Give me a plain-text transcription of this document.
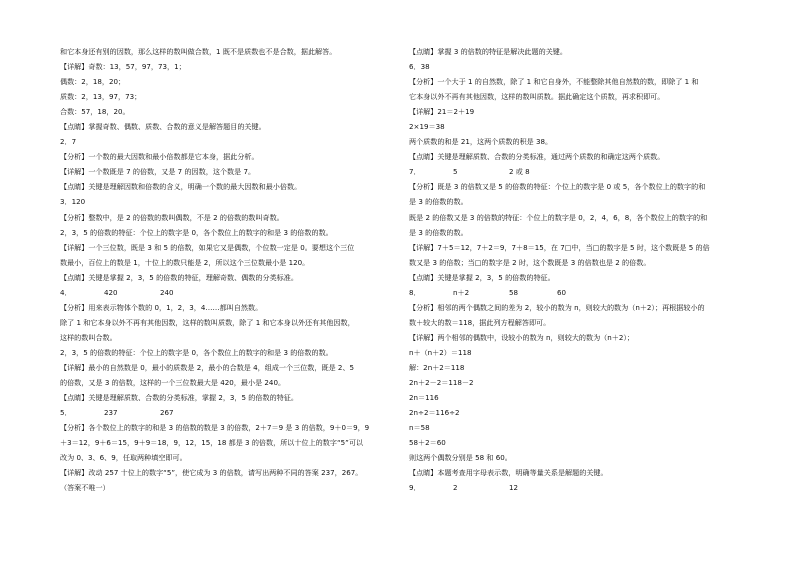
和它本身还有别的因数，那么这样的数叫做合数，1 既不是质数也不是合数，据此解答。
【详解】奇数：13，57，97，73，1；
偶数：2，18，20；
质数：2，13，97，73；
合数：57，18，20。
【点睛】掌握奇数、偶数、质数、合数的意义是解答题目的关键。
2．7
【分析】一个数的最大因数和最小倍数都是它本身，据此分析。
【详解】一个数既是 7 的倍数，又是 7 的因数，这个数是 7。
【点睛】关键是理解因数和倍数的含义，明确一个数的最大因数和最小倍数。
3．120
【分析】整数中，是 2 的倍数的数叫偶数，不是 2 的倍数的数叫奇数。
2，3，5 的倍数的特征：个位上的数字是 0，各个数位上的数字的和是 3 的倍数的数。
【详解】一个三位数，既是 3 和 5 的倍数，如果它又是偶数，个位数一定是 0。要想这个三位
数最小，百位上的数是 1，十位上的数只能是 2，所以这个三位数最小是 120。
【点睛】关键是掌握 2，3，5 的倍数的特征，理解奇数、偶数的分类标准。
4．	420	240
【分析】用来表示物体个数的 0，1，2，3，4……都叫自然数。
除了 1 和它本身以外不再有其他因数，这样的数叫质数，除了 1 和它本身以外还有其他因数，
这样的数叫合数。
2，3，5 的倍数的特征：个位上的数字是 0，各个数位上的数字的和是 3 的倍数的数。
【详解】最小的自然数是 0，最小的质数是 2，最小的合数是 4，组成一个三位数，既是 2、5
的倍数，又是 3 的倍数，这样的一个三位数最大是 420，最小是 240。
【点睛】关键是理解质数、合数的分类标准，掌握 2，3，5 的倍数的特征。
5．	237	267
【分析】各个数位上的数字的和是 3 的倍数的数是 3 的倍数，2＋7＝9 是 3 的倍数，9＋0＝9，9
＋3＝12，9＋6＝15，9＋9＝18，9，12，15，18 都是 3 的倍数，所以十位上的数字“5”可以
改为 0、3、6、9，任取两种填空即可。
【详解】改动 257 十位上的数字“5”，使它成为 3 的倍数，请写出两种不同的答案 237，267。
（答案不唯一）
【点睛】掌握 3 的倍数的特征是解决此题的关键。
6．38
【分析】一个大于 1 的自然数，除了 1 和它自身外，不能整除其他自然数的数，即除了 1 和
它本身以外不再有其他因数，这样的数叫质数。据此确定这个质数，再求积即可。
【详解】21＝2＋19
2×19＝38
两个质数的和是 21，这两个质数的积是 38。
【点睛】关键是理解质数、合数的分类标准，通过两个质数的和确定这两个质数。
7．	5	2 或 8
【分析】既是 3 的倍数又是 5 的倍数的特征：个位上的数字是 0 或 5，各个数位上的数字的和
是 3 的倍数的数。
既是 2 的倍数又是 3 的倍数的特征：个位上的数字是 0，2，4，6，8，各个数位上的数字的和
是 3 的倍数的数。
【详解】7＋5＝12，7＋2＝9，7＋8＝15，在 7□中，当□的数字是 5 时，这个数既是 5 的倍
数又是 3 的倍数；当□的数字是 2 时，这个数既是 3 的倍数也是 2 的倍数。
【点睛】关键是掌握 2，3，5 的倍数的特征。
8．	n＋2	58	60
【分析】相邻的两个偶数之间的差为 2，较小的数为 n，则较大的数为（n＋2）；再根据较小的
数＋较大的数＝118，据此列方程解答即可。
【详解】两个相邻的偶数中，设较小的数为 n，则较大的数为（n＋2）；
n＋（n＋2）＝118
解：2n＋2＝118
2n＋2－2＝118－2
2n＝116
2n÷2＝116÷2
n＝58
58＋2＝60
则这两个偶数分别是 58 和 60。
【点睛】本题考查用字母表示数，明确等量关系是解题的关键。
9．	2	12
